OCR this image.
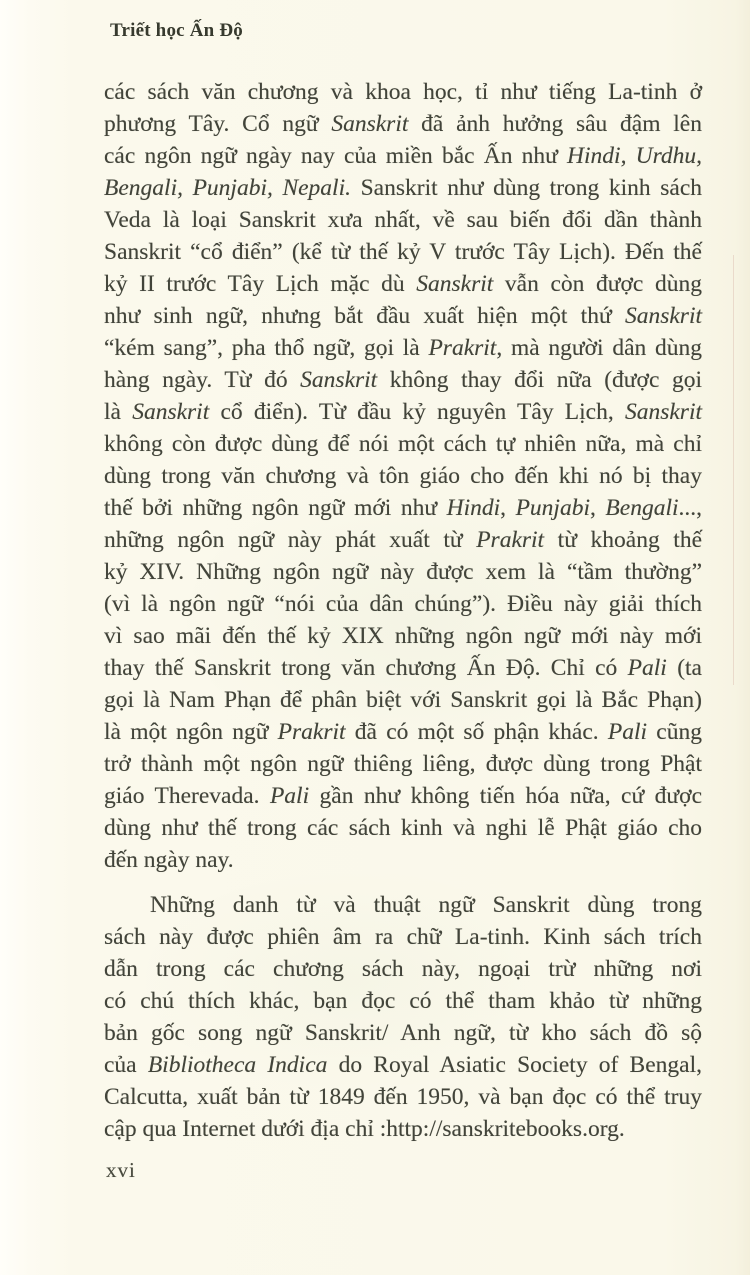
Triết học Ấn Độ
các sách văn chương và khoa học, tỉ như tiếng La-tinh ở
phương Tây. Cổ ngữ Sanskrit đã ảnh hưởng sâu đậm lên
các ngôn ngữ ngày nay của miền bắc Ấn như Hindi, Urdhu,
Bengali, Punjabi, Nepali. Sanskrit như dùng trong kinh sách
Veda là loại Sanskrit xưa nhất, về sau biến đổi dần thành
Sanskrit “cổ điển” (kể từ thế kỷ V trước Tây Lịch). Đến thế
kỷ II trước Tây Lịch mặc dù Sanskrit vẫn còn được dùng
như sinh ngữ, nhưng bắt đầu xuất hiện một thứ Sanskrit
“kém sang”, pha thổ ngữ, gọi là Prakrit, mà người dân dùng
hàng ngày. Từ đó Sanskrit không thay đổi nữa (được gọi
là Sanskrit cổ điển). Từ đầu kỷ nguyên Tây Lịch, Sanskrit
không còn được dùng để nói một cách tự nhiên nữa, mà chỉ
dùng trong văn chương và tôn giáo cho đến khi nó bị thay
thế bởi những ngôn ngữ mới như Hindi, Punjabi, Bengali...,
những ngôn ngữ này phát xuất từ Prakrit từ khoảng thế
kỷ XIV. Những ngôn ngữ này được xem là “tầm thường”
(vì là ngôn ngữ “nói của dân chúng”). Điều này giải thích
vì sao mãi đến thế kỷ XIX những ngôn ngữ mới này mới
thay thế Sanskrit trong văn chương Ấn Độ. Chỉ có Pali (ta
gọi là Nam Phạn để phân biệt với Sanskrit gọi là Bắc Phạn)
là một ngôn ngữ Prakrit đã có một số phận khác. Pali cũng
trở thành một ngôn ngữ thiêng liêng, được dùng trong Phật
giáo Therevada. Pali gần như không tiến hóa nữa, cứ được
dùng như thế trong các sách kinh và nghi lễ Phật giáo cho
đến ngày nay.
Những danh từ và thuật ngữ Sanskrit dùng trong
sách này được phiên âm ra chữ La-tinh. Kinh sách trích
dẫn trong các chương sách này, ngoại trừ những nơi
có chú thích khác, bạn đọc có thể tham khảo từ những
bản gốc song ngữ Sanskrit/ Anh ngữ, từ kho sách đồ sộ
của Bibliotheca Indica do Royal Asiatic Society of Bengal,
Calcutta, xuất bản từ 1849 đến 1950, và bạn đọc có thể truy
cập qua Internet dưới địa chỉ :http://sanskritebooks.org.
xvi
